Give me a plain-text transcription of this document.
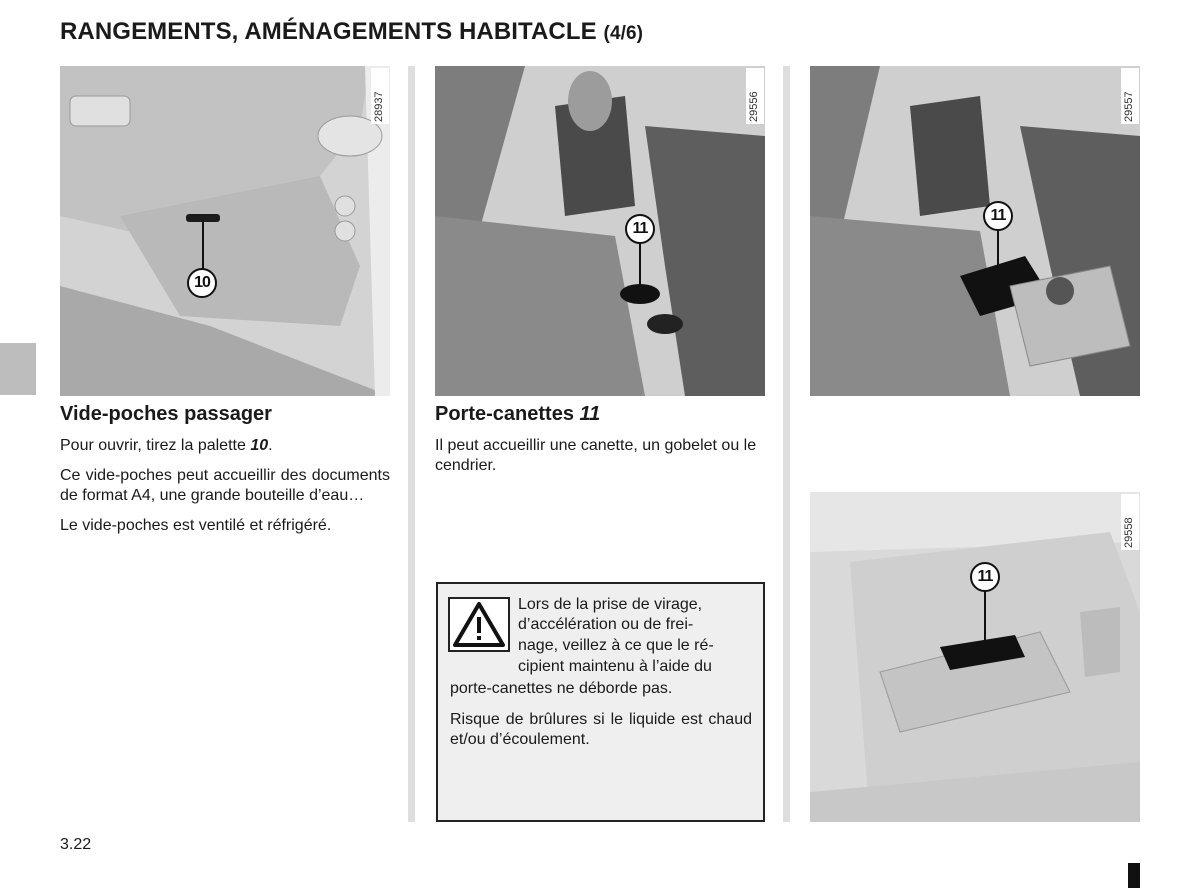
RANGEMENTS, AMÉNAGEMENTS HABITACLE (4/6)
28937
10
29556
11
29557
11
29558
11
Vide-poches passager

Pour ouvrir, tirez la palette 10.

Ce vide-poches peut accueillir des documents de format A4, une grande bouteille d’eau…

Le vide-poches est ventilé et réfrigéré.

Porte-canettes 11

Il peut accueillir une canette, un gobelet ou le cendrier.

Lors de la prise de virage,

d’accélération ou de frei-

nage, veillez à ce que le ré-

cipient maintenu à l’aide du

porte-canettes ne déborde pas.

Risque de brûlures si le liquide est chaud et/ou d’écoulement.

3.22
